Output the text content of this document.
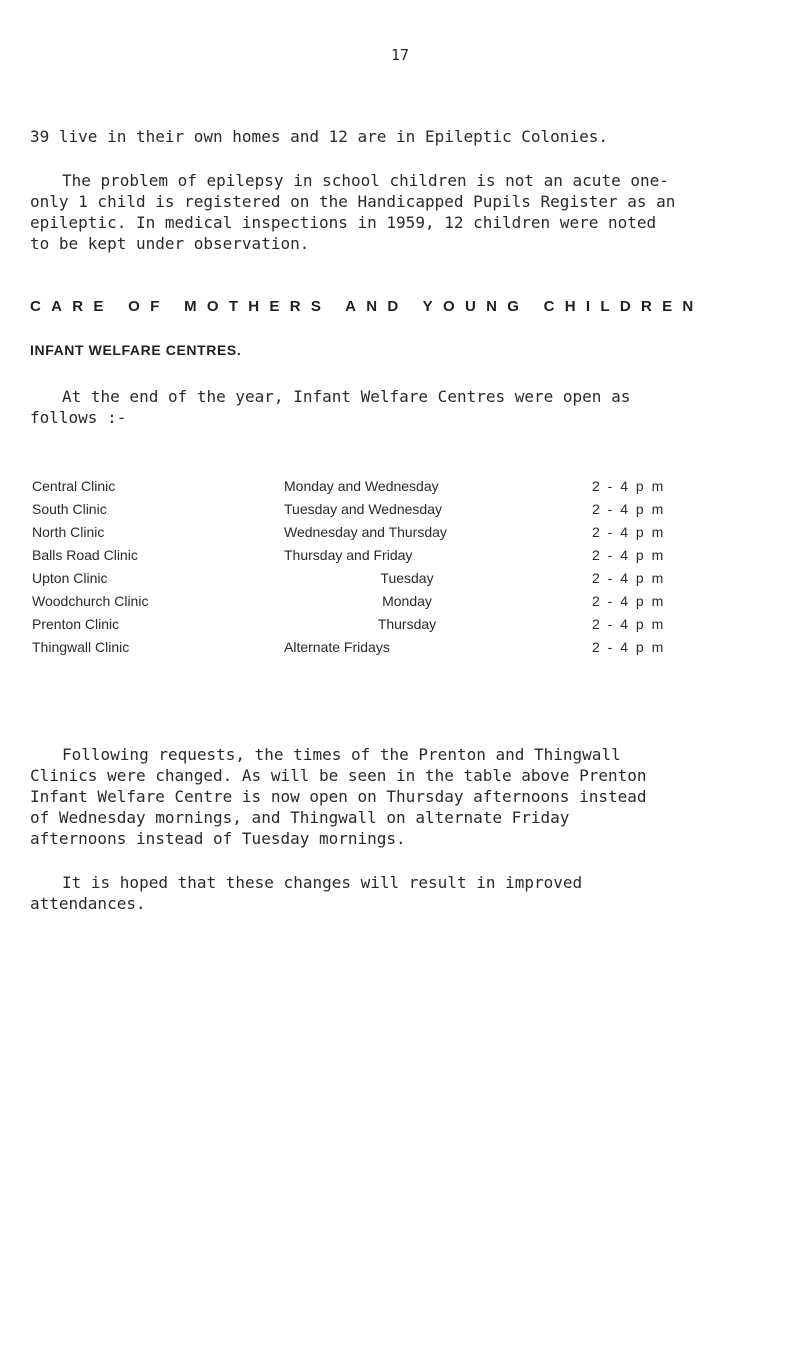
17

39 live in their own homes and 12 are in Epileptic Colonies.

The problem of epilepsy in school children is not an acute one-
only 1 child is registered on the Handicapped Pupils Register as an
epileptic. In medical inspections in 1959, 12 children were noted
to be kept under observation.

CARE OF MOTHERS AND YOUNG CHILDREN
INFANT WELFARE CENTRES.

At the end of the year, Infant Welfare Centres were open as
follows :-

Central Clinic	Monday and Wednesday	2 - 4 p m
South Clinic	Tuesday and Wednesday	2 - 4 p m
North Clinic	Wednesday and Thursday	2 - 4 p m
Balls Road Clinic	Thursday and Friday	2 - 4 p m
Upton Clinic	Tuesday	2 - 4 p m
Woodchurch Clinic	Monday	2 - 4 p m
Prenton Clinic	Thursday	2 - 4 p m
Thingwall Clinic	Alternate Fridays	2 - 4 p m

Following requests, the times of the Prenton and Thingwall
Clinics were changed. As will be seen in the table above Prenton
Infant Welfare Centre is now open on Thursday afternoons instead
of Wednesday mornings, and Thingwall on alternate Friday
afternoons instead of Tuesday mornings.

It is hoped that these changes will result in improved
attendances.
